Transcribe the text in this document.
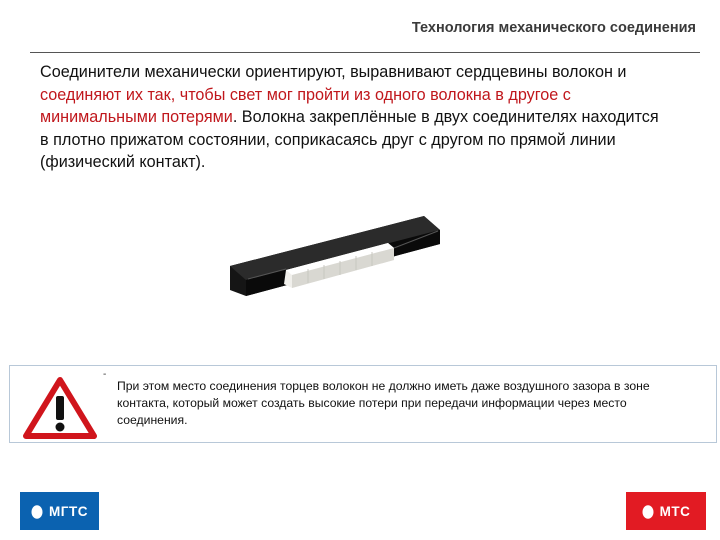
Технология механического соединения
Соединители механически ориентируют, выравнивают сердцевины волокон и соединяют их так, чтобы свет мог пройти из одного волокна в другое с минимальными потерями. Волокна закреплённые в двух соединителях находится в плотно прижатом состоянии, соприкасаясь друг с другом по прямой линии (физический контакт).
-
При этом место соединения торцев волокон не должно иметь даже воздушного зазора в зоне контакта, который может создать высокие потери при передачи информации через место соединения.
МГТС	МТС
